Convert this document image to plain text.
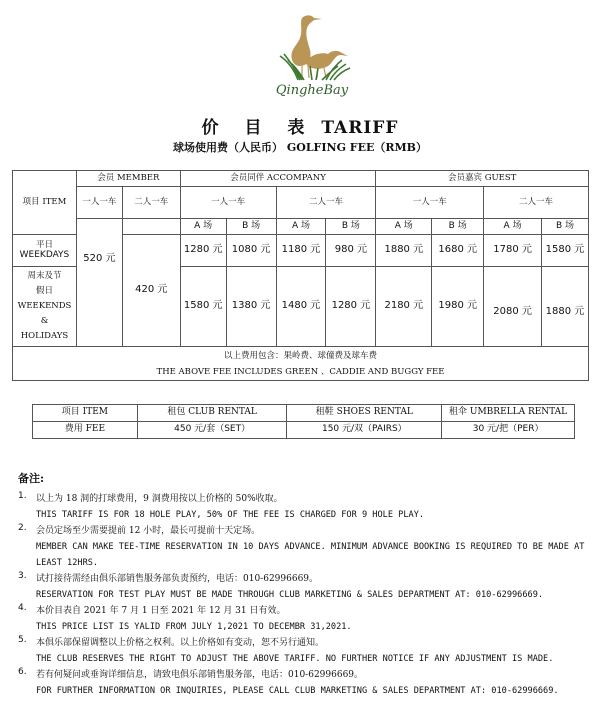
QingheBay
价 目 表 TARIFF
球场使用费（人民币） GOLFING FEE（RMB）
项目 ITEM	会员 MEMBER		会员同伴 ACCOMPANY				会员嘉宾 GUEST			
	一人一车	二人一车	一人一车		二人一车		一人一车		二人一车	
	520 元		A 场	B 场	A 场	B 场	A 场	B 场	A 场	B 场

平日
WEEKDAYS		420 元	1280 元	1080 元	1180 元	980 元	1880 元	1680 元	1780 元	1580 元

周末及节
假日
WEEKENDS
&
HOLIDAYS			1580 元	1380 元	1480 元	1280 元	2180 元	1980 元	2080 元	1880 元

以上费用包含：果岭费、球僮费及球车费
THE ABOVE FEE INCLUDES GREEN 、CADDIE AND BUGGY FEE										
项目 ITEM	租包 CLUB RENTAL	租鞋 SHOES RENTAL	租伞 UMBRELLA RENTAL
费用 FEE	450 元/套（SET）	150 元/双（PAIRS）	30 元/把（PER）
备注:
1.	以上为 18 洞的打球费用，9 洞费用按以上价格的 50%收取。
THIS TARIFF IS FOR 18 HOLE PLAY, 50% OF THE FEE IS CHARGED FOR 9 HOLE PLAY.
2.	会员定场至少需要提前 12 小时，最长可提前十天定场。
MEMBER CAN MAKE TEE-TIME RESERVATION IN 10 DAYS ADVANCE. MINIMUM ADVANCE BOOKING IS REQUIRED TO BE MADE AT LEAST 12HRS.
3.	试打接待需经由俱乐部销售服务部负责预约，电话：010-62996669。
RESERVATION FOR TEST PLAY MUST BE MADE THROUGH CLUB MARKETING & SALES DEPARTMENT AT: 010-62996669.
4.	本价目表自 2021 年 7 月 1 日至 2021 年 12 月 31 日有效。
THIS PRICE LIST IS YALID FROM JULY 1,2021 TO DECEMBR 31,2021.
5.	本俱乐部保留调整以上价格之权利。以上价格如有变动，恕不另行通知。
THE CLUB RESERVES THE RIGHT TO ADJUST THE ABOVE TARIFF. NO FURTHER NOTICE IF ANY ADJUSTMENT IS MADE.
6.	若有何疑问或垂询详细信息，请致电俱乐部销售服务部，电话：010-62996669。
FOR FURTHER INFORMATION OR INQUIRIES, PLEASE CALL CLUB MARKETING & SALES DEPARTMENT AT: 010-62996669.
